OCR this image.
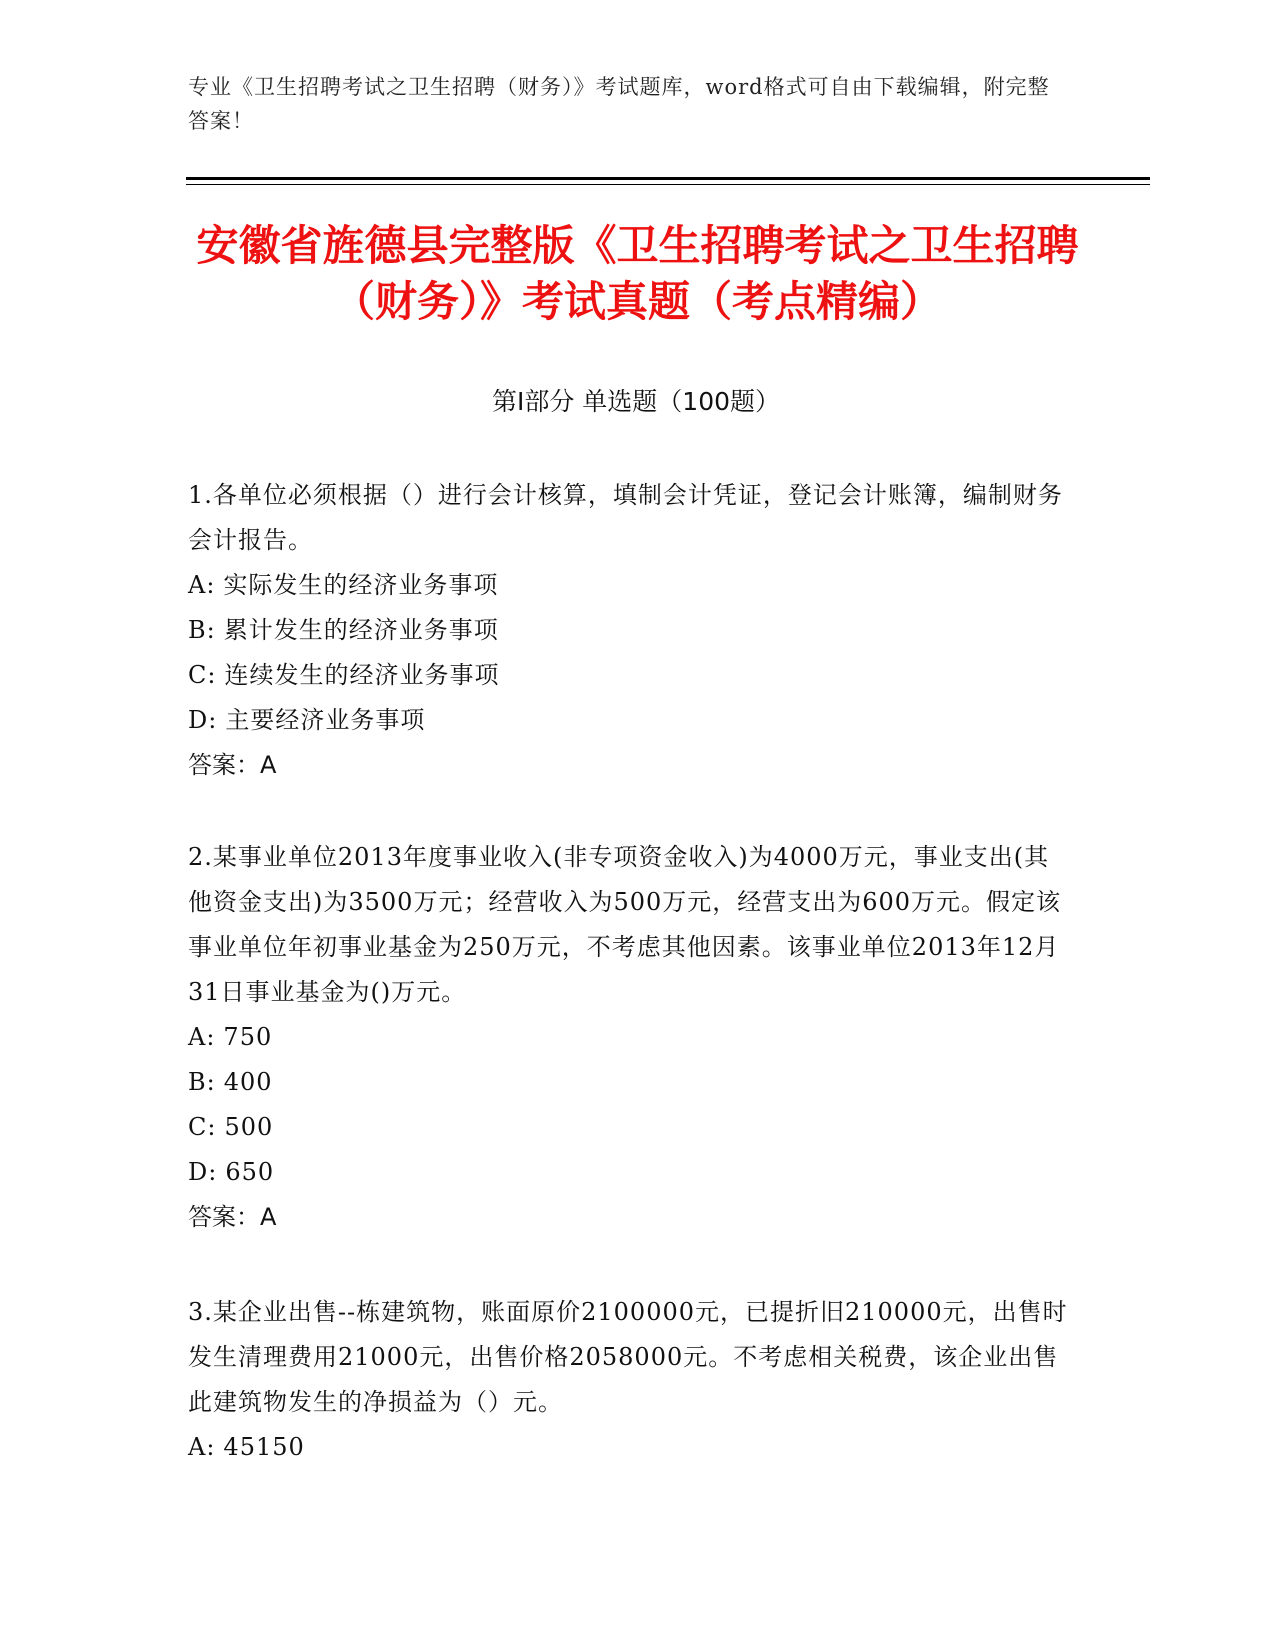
专业《卫生招聘考试之卫生招聘（财务）》考试题库，word格式可自由下载编辑，附完整答案！
安徽省旌德县完整版《卫生招聘考试之卫生招聘（财务）》考试真题（考点精编）
第Ⅰ部分 单选题（100题）

1.各单位必须根据（）进行会计核算，填制会计凭证，登记会计账簿，编制财务会计报告。

A: 实际发生的经济业务事项

B: 累计发生的经济业务事项

C: 连续发生的经济业务事项

D: 主要经济业务事项

答案：A

2.某事业单位2013年度事业收入(非专项资金收入)为4000万元，事业支出(其他资金支出)为3500万元；经营收入为500万元，经营支出为600万元。假定该事业单位年初事业基金为250万元，不考虑其他因素。该事业单位2013年12月31日事业基金为()万元。

A: 750

B: 400

C: 500

D: 650

答案：A

3.某企业出售--栋建筑物，账面原价2100000元，已提折旧210000元，出售时发生清理费用21000元，出售价格2058000元。不考虑相关税费，该企业出售此建筑物发生的净损益为（）元。

A: 45150
